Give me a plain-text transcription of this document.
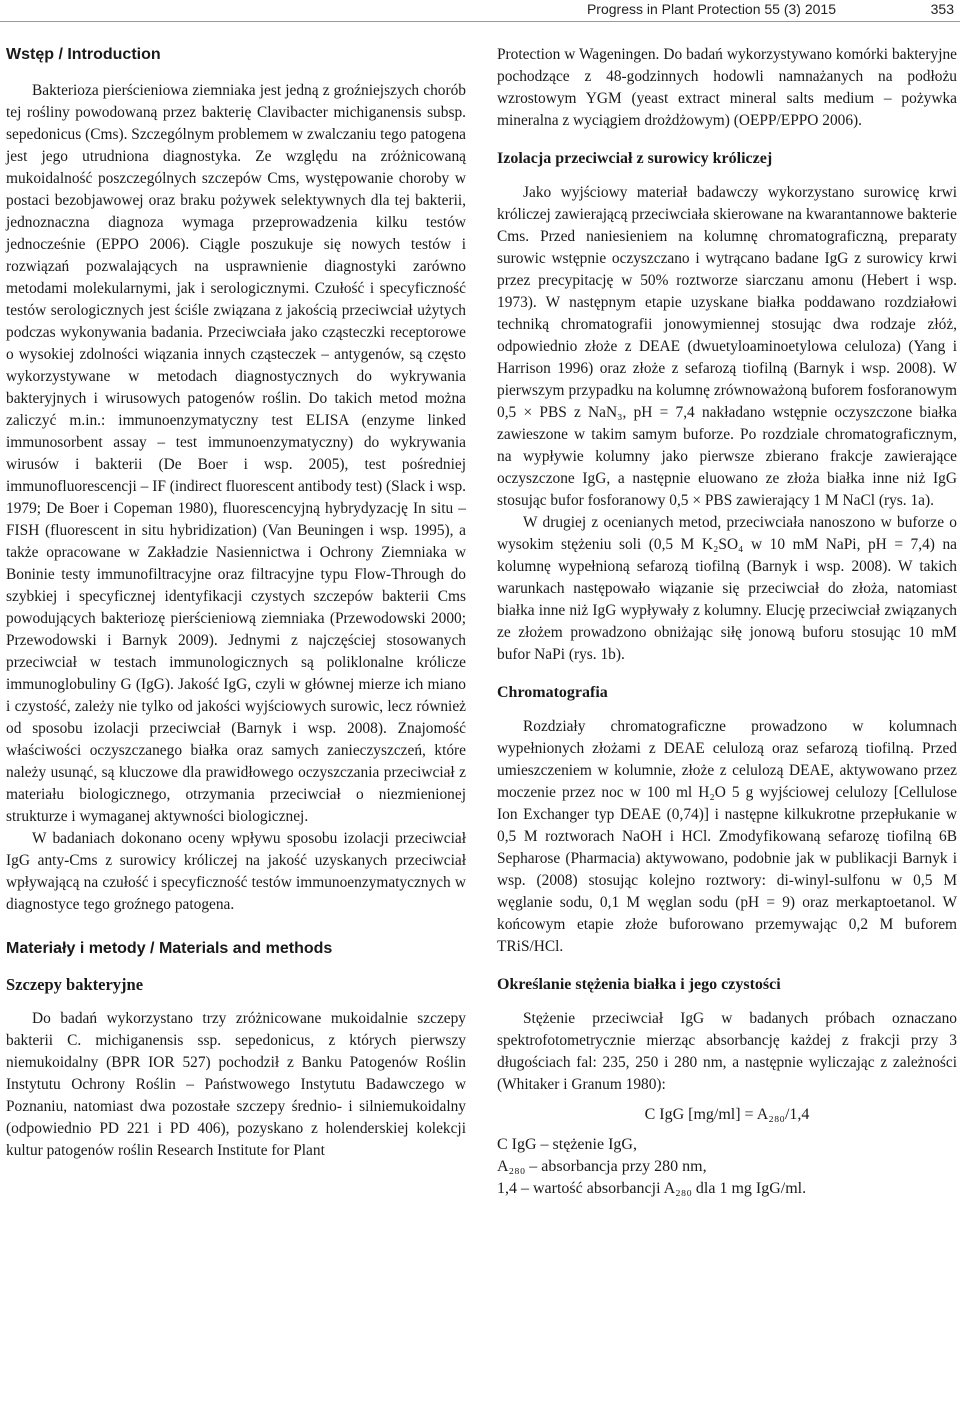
Progress in Plant Protection 55 (3) 2015	353
Wstęp / Introduction

Bakterioza pierścieniowa ziemniaka jest jedną z groźniejszych chorób tej rośliny powodowaną przez bakterię Clavibacter michiganensis subsp. sepedonicus (Cms). Szczególnym problemem w zwalczaniu tego patogena jest jego utrudniona diagnostyka. Ze względu na zróżnicowaną mukoidalność poszczególnych szczepów Cms, występowanie choroby w postaci bezobjawowej oraz braku pożywek selektywnych dla tej bakterii, jednoznaczna diagnoza wymaga przeprowadzenia kilku testów jednocześnie (EPPO 2006). Ciągle poszukuje się nowych testów i rozwiązań pozwalających na usprawnienie diagnostyki zarówno metodami molekularnymi, jak i serologicznymi. Czułość i specyficzność testów serologicznych jest ściśle związana z jakością przeciwciał użytych podczas wykonywania badania. Przeciwciała jako cząsteczki receptorowe o wysokiej zdolności wiązania innych cząsteczek – antygenów, są często wykorzystywane w metodach diagnostycznych do wykrywania bakteryjnych i wirusowych patogenów roślin. Do takich metod można zaliczyć m.in.: immunoenzymatyczny test ELISA (enzyme linked immunosorbent assay – test immunoenzymatyczny) do wykrywania wirusów i bakterii (De Boer i wsp. 2005), test pośredniej immunofluorescencji – IF (indirect fluorescent antibody test) (Slack i wsp. 1979; De Boer i Copeman 1980), fluorescencyjną hybrydyzację In situ – FISH (fluorescent in situ hybridization) (Van Beuningen i wsp. 1995), a także opracowane w Zakładzie Nasiennictwa i Ochrony Ziemniaka w Boninie testy immunofiltracyjne oraz filtracyjne typu Flow-Through do szybkiej i specyficznej identyfikacji czystych szczepów bakterii Cms powodujących bakteriozę pierścieniową ziemniaka (Przewodowski 2000; Przewodowski i Barnyk 2009). Jednymi z najczęściej stosowanych przeciwciał w testach immunologicznych są poliklonalne królicze immunoglobuliny G (IgG). Jakość IgG, czyli w głównej mierze ich miano i czystość, zależy nie tylko od jakości wyjściowych surowic, lecz również od sposobu izolacji przeciwciał (Barnyk i wsp. 2008). Znajomość właściwości oczyszczanego białka oraz samych zanieczyszczeń, które należy usunąć, są kluczowe dla prawidłowego oczyszczania przeciwciał z materiału biologicznego, otrzymania przeciwciał o niezmienionej strukturze i wymaganej aktywności biologicznej.

W badaniach dokonano oceny wpływu sposobu izolacji przeciwciał IgG anty-Cms z surowicy króliczej na jakość uzyskanych przeciwciał wpływającą na czułość i specyficzność testów immunoenzymatycznych w diagnostyce tego groźnego patogena.

Materiały i metody / Materials and methods
Szczepy bakteryjne

Do badań wykorzystano trzy zróżnicowane mukoidalnie szczepy bakterii C. michiganensis ssp. sepedonicus, z których pierwszy niemukoidalny (BPR IOR 527) pochodził z Banku Patogenów Roślin Instytutu Ochrony Roślin – Państwowego Instytutu Badawczego w Poznaniu, natomiast dwa pozostałe szczepy średnio- i silniemukoidalny (odpowiednio PD 221 i PD 406), pozyskano z holenderskiej kolekcji kultur patogenów roślin Research Institute for Plant

Protection w Wageningen. Do badań wykorzystywano komórki bakteryjne pochodzące z 48-godzinnych hodowli namnażanych na podłożu wzrostowym YGM (yeast extract mineral salts medium – pożywka mineralna z wyciągiem drożdżowym) (OEPP/EPPO 2006).

Izolacja przeciwciał z surowicy króliczej

Jako wyjściowy materiał badawczy wykorzystano surowicę krwi króliczej zawierającą przeciwciała skierowane na kwarantannowe bakterie Cms. Przed naniesieniem na kolumnę chromatograficzną, preparaty surowic wstępnie oczyszczano i wytrącano badane IgG z surowicy krwi przez precypitację w 50% roztworze siarczanu amonu (Hebert i wsp. 1973). W następnym etapie uzyskane białka poddawano rozdziałowi techniką chromatografii jonowymiennej stosując dwa rodzaje złóż, odpowiednio złoże z DEAE (dwuetyloaminoetylowa celuloza) (Yang i Harrison 1996) oraz złoże z sefarozą tiofilną (Barnyk i wsp. 2008). W pierwszym przypadku na kolumnę zrównoważoną buforem fosforanowym 0,5 × PBS z NaN₃, pH = 7,4 nakładano wstępnie oczyszczone białka zawieszone w takim samym buforze. Po rozdziale chromatograficznym, na wypływie kolumny jako pierwsze zbierano frakcje zawierające oczyszczone IgG, a następnie eluowano ze złoża białka inne niż IgG stosując bufor fosforanowy 0,5 × PBS zawierający 1 M NaCl (rys. 1a).

W drugiej z ocenianych metod, przeciwciała nanoszono w buforze o wysokim stężeniu soli (0,5 M K₂SO₄ w 10 mM NaPi, pH = 7,4) na kolumnę wypełnioną sefarozą tiofilną (Barnyk i wsp. 2008). W takich warunkach następowało wiązanie się przeciwciał do złoża, natomiast białka inne niż IgG wypływały z kolumny. Elucję przeciwciał związanych ze złożem prowadzono obniżając siłę jonową buforu stosując 10 mM bufor NaPi (rys. 1b).

Chromatografia

Rozdziały chromatograficzne prowadzono w kolumnach wypełnionych złożami z DEAE celulozą oraz sefarozą tiofilną. Przed umieszczeniem w kolumnie, złoże z celulozą DEAE, aktywowano przez moczenie przez noc w 100 ml H₂O 5 g wyjściowej celulozy [Cellulose Ion Exchanger typ DEAE (0,74)] i następne kilkukrotne przepłukanie w 0,5 M roztworach NaOH i HCl. Zmodyfikowaną sefarozę tiofilną 6B Sepharose (Pharmacia) aktywowano, podobnie jak w publikacji Barnyk i wsp. (2008) stosując kolejno roztwory: di-winyl-sulfonu w 0,5 M węglanie sodu, 0,1 M węglan sodu (pH = 9) oraz merkaptoetanol. W końcowym etapie złoże buforowano przemywając 0,2 M buforem TRiS/HCl.

Określanie stężenia białka i jego czystości

Stężenie przeciwciał IgG w badanych próbach oznaczano spektrofotometrycznie mierząc absorbancję każdej z frakcji przy 3 długościach fal: 235, 250 i 280 nm, a następnie wyliczając z zależności (Whitaker i Granum 1980):

C IgG [mg/ml] = A₂₈₀/1,4

C IgG – stężenie IgG,

A₂₈₀ – absorbancja przy 280 nm,

1,4 – wartość absorbancji A₂₈₀ dla 1 mg IgG/ml.
